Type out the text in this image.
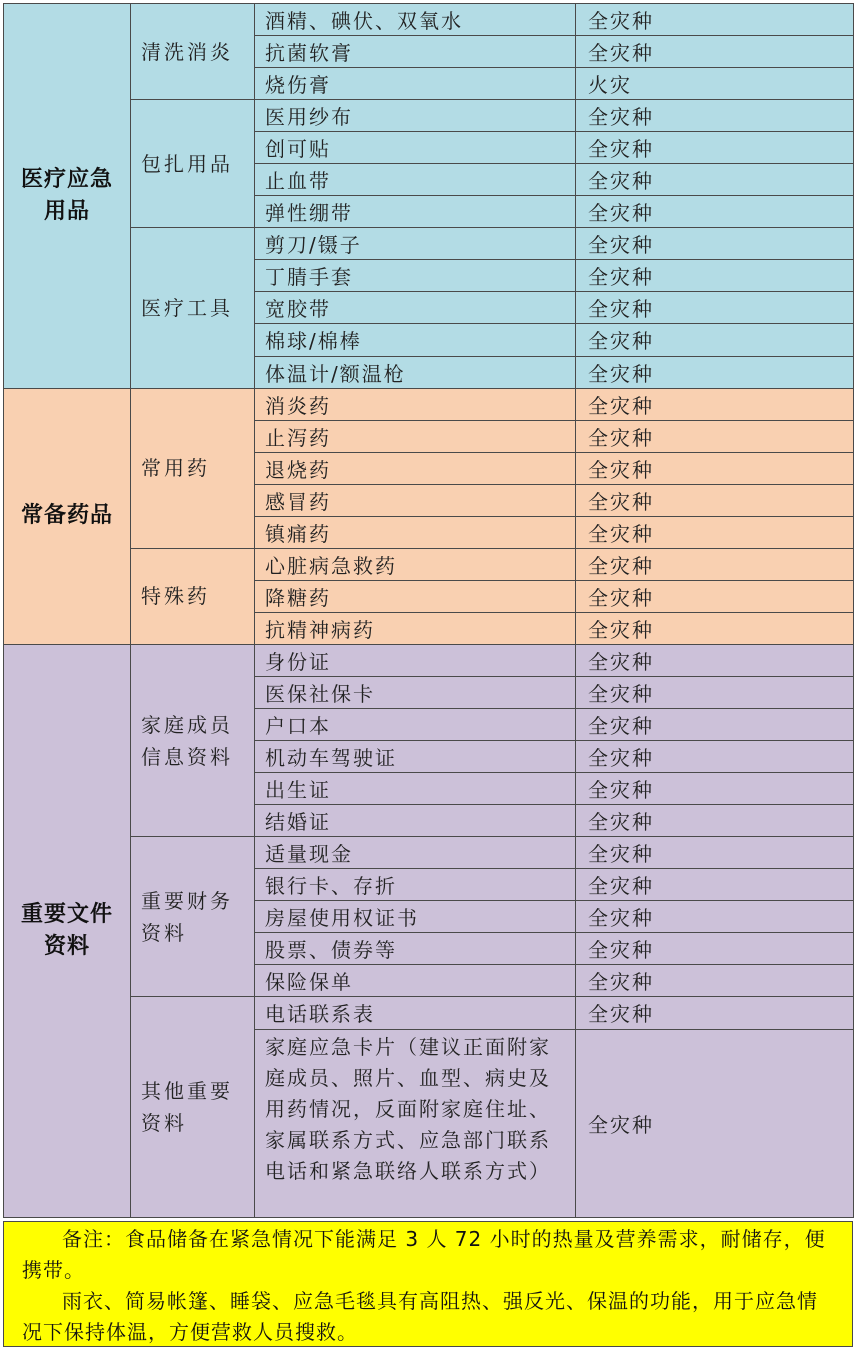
医疗应急用品	清洗消炎	酒精、碘伏、双氧水	全灾种
		抗菌软膏	全灾种
		烧伤膏	火灾
	包扎用品	医用纱布	全灾种
		创可贴	全灾种
		止血带	全灾种
		弹性绷带	全灾种
	医疗工具	剪刀/镊子	全灾种
		丁腈手套	全灾种
		宽胶带	全灾种
		棉球/棉棒	全灾种
		体温计/额温枪	全灾种
常备药品	常用药	消炎药	全灾种
		止泻药	全灾种
		退烧药	全灾种
		感冒药	全灾种
		镇痛药	全灾种
	特殊药	心脏病急救药	全灾种
		降糖药	全灾种
		抗精神病药	全灾种
重要文件资料	家庭成员信息资料	身份证	全灾种
		医保社保卡	全灾种
		户口本	全灾种
		机动车驾驶证	全灾种
		出生证	全灾种
		结婚证	全灾种
	重要财务资料	适量现金	全灾种
		银行卡、存折	全灾种
		房屋使用权证书	全灾种
		股票、债券等	全灾种
		保险保单	全灾种
	其他重要资料	电话联系表	全灾种
		家庭应急卡片（建议正面附家庭成员、照片、血型、病史及用药情况，反面附家庭住址、家属联系方式、应急部门联系电话和紧急联络人联系方式）	全灾种

备注：食品储备在紧急情况下能满足 3 人 72 小时的热量及营养需求，耐储存，便携带。

雨衣、简易帐篷、睡袋、应急毛毯具有高阻热、强反光、保温的功能，用于应急情况下保持体温，方便营救人员搜救。
